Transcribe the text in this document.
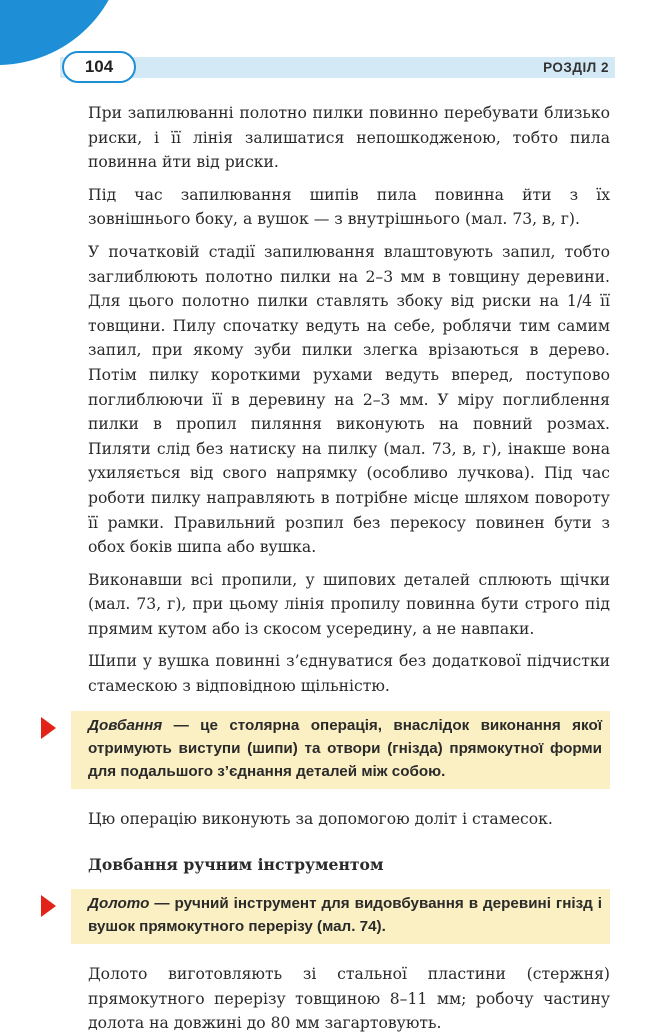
104	РОЗДІЛ 2

При запилюванні полотно пилки повинно перебувати близько риски, і її лінія залишатися непошкодженою, тобто пила повинна йти від риски.

Під час запилювання шипів пила повинна йти з їх зовнішнього боку, а вушок — з внутрішнього (мал. 73, в, г).

У початковій стадії запилювання влаштовують запил, тобто заглиблюють полотно пилки на 2–3 мм в товщину деревини. Для цього полотно пилки ставлять збоку від риски на 1/4 її товщини. Пилу спочатку ведуть на себе, роблячи тим самим запил, при якому зуби пилки злегка врізаються в дерево. Потім пилку короткими рухами ведуть вперед, поступово поглиблюючи її в деревину на 2–3 мм. У міру поглиблення пилки в пропил пиляння виконують на повний розмах. Пиляти слід без натиску на пилку (мал. 73, в, г), інакше вона ухиляється від свого напрямку (особливо лучкова). Під час роботи пилку направляють в потрібне місце шляхом повороту її рамки. Правильний розпил без перекосу повинен бути з обох боків шипа або вушка.

Виконавши всі пропили, у шипових деталей сплюють щічки (мал. 73, г), при цьому лінія пропилу повинна бути строго під прямим кутом або із скосом усередину, а не навпаки.

Шипи у вушка повинні з’єднуватися без додаткової підчистки стамескою з відповідною щільністю.

Довбання — це столярна операція, внаслідок виконання якої отримують виступи (шипи) та отвори (гнізда) прямокутної форми для подальшого з’єднання деталей між собою.

Цю операцію виконують за допомогою доліт і стамесок.

Довбання ручним інструментом

Долото — ручний інструмент для видовбування в деревині гнізд і вушок прямокутного перерізу (мал. 74).

Долото виготовляють зі стальної пластини (стержня) прямокутного перерізу товщиною 8–11 мм; робочу частину долота на довжині до 80 мм загартовують.
